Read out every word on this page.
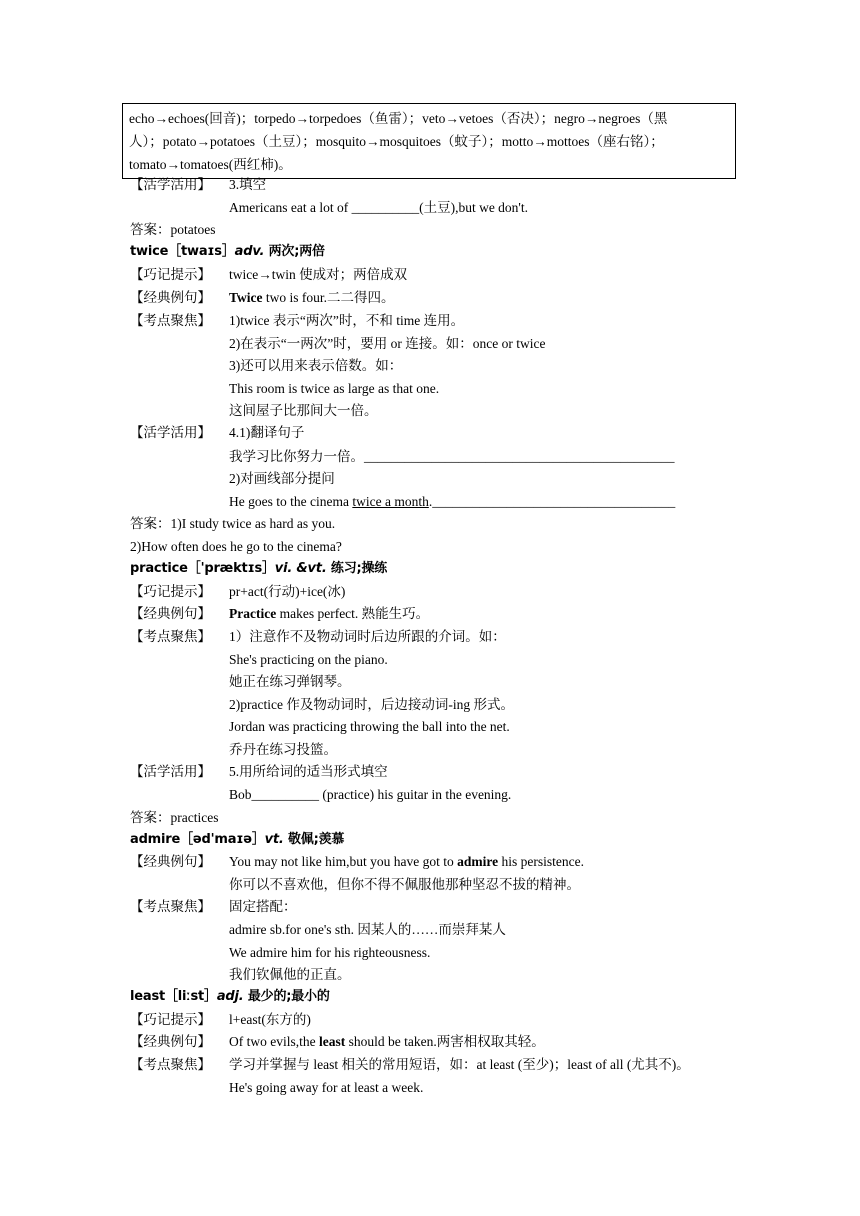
echo→echoes(回音)；torpedo→torpedoes（鱼雷）；veto→vetoes（否决）；negro→negroes（黑
人）；potato→potatoes（土豆）；mosquito→mosquitoes（蚊子）；motto→mottoes（座右铭）；
tomato→tomatoes(西红柿)。
【活学活用】 3.填空
Americans eat a lot of __________(土豆),but we don't.
答案：potatoes
twice［twaɪs］adv. 两次;两倍
【巧记提示】 twice→twin 使成对；两倍成双
【经典例句】 Twice two is four.二二得四。
【考点聚焦】 1)twice 表示“两次”时，不和 time 连用。
2)在表示“一两次”时，要用 or 连接。如：once or twice
3)还可以用来表示倍数。如：
This room is twice as large as that one.
这间屋子比那间大一倍。
【活学活用】 4.1)翻译句子
我学习比你努力一倍。______________________________________________
2)对画线部分提问
He goes to the cinema twice a month.____________________________________
答案：1)I study twice as hard as you.
2)How often does he go to the cinema?
practice［'præktɪs］vi. &vt. 练习;操练
【巧记提示】 pr+act(行动)+ice(冰)
【经典例句】 Practice makes perfect. 熟能生巧。
【考点聚焦】 1）注意作不及物动词时后边所跟的介词。如：
She's practicing on the piano.
她正在练习弹钢琴。
2)practice 作及物动词时，后边接动词-ing 形式。
Jordan was practicing throwing the ball into the net.
乔丹在练习投篮。
【活学活用】 5.用所给词的适当形式填空
Bob__________ (practice) his guitar in the evening.
答案：practices
admire［əd'maɪə］vt. 敬佩;羡慕
【经典例句】 You may not like him,but you have got to admire his persistence.
你可以不喜欢他，但你不得不佩服他那种坚忍不拔的精神。
【考点聚焦】 固定搭配：
admire sb.for one's sth. 因某人的……而崇拜某人
We admire him for his righteousness.
我们钦佩他的正直。
least［liːst］adj. 最少的;最小的
【巧记提示】 l+east(东方的)
【经典例句】 Of two evils,the least should be taken.两害相权取其轻。
【考点聚焦】 学习并掌握与 least 相关的常用短语，如：at least (至少)；least of all (尤其不)。
He's going away for at least a week.
